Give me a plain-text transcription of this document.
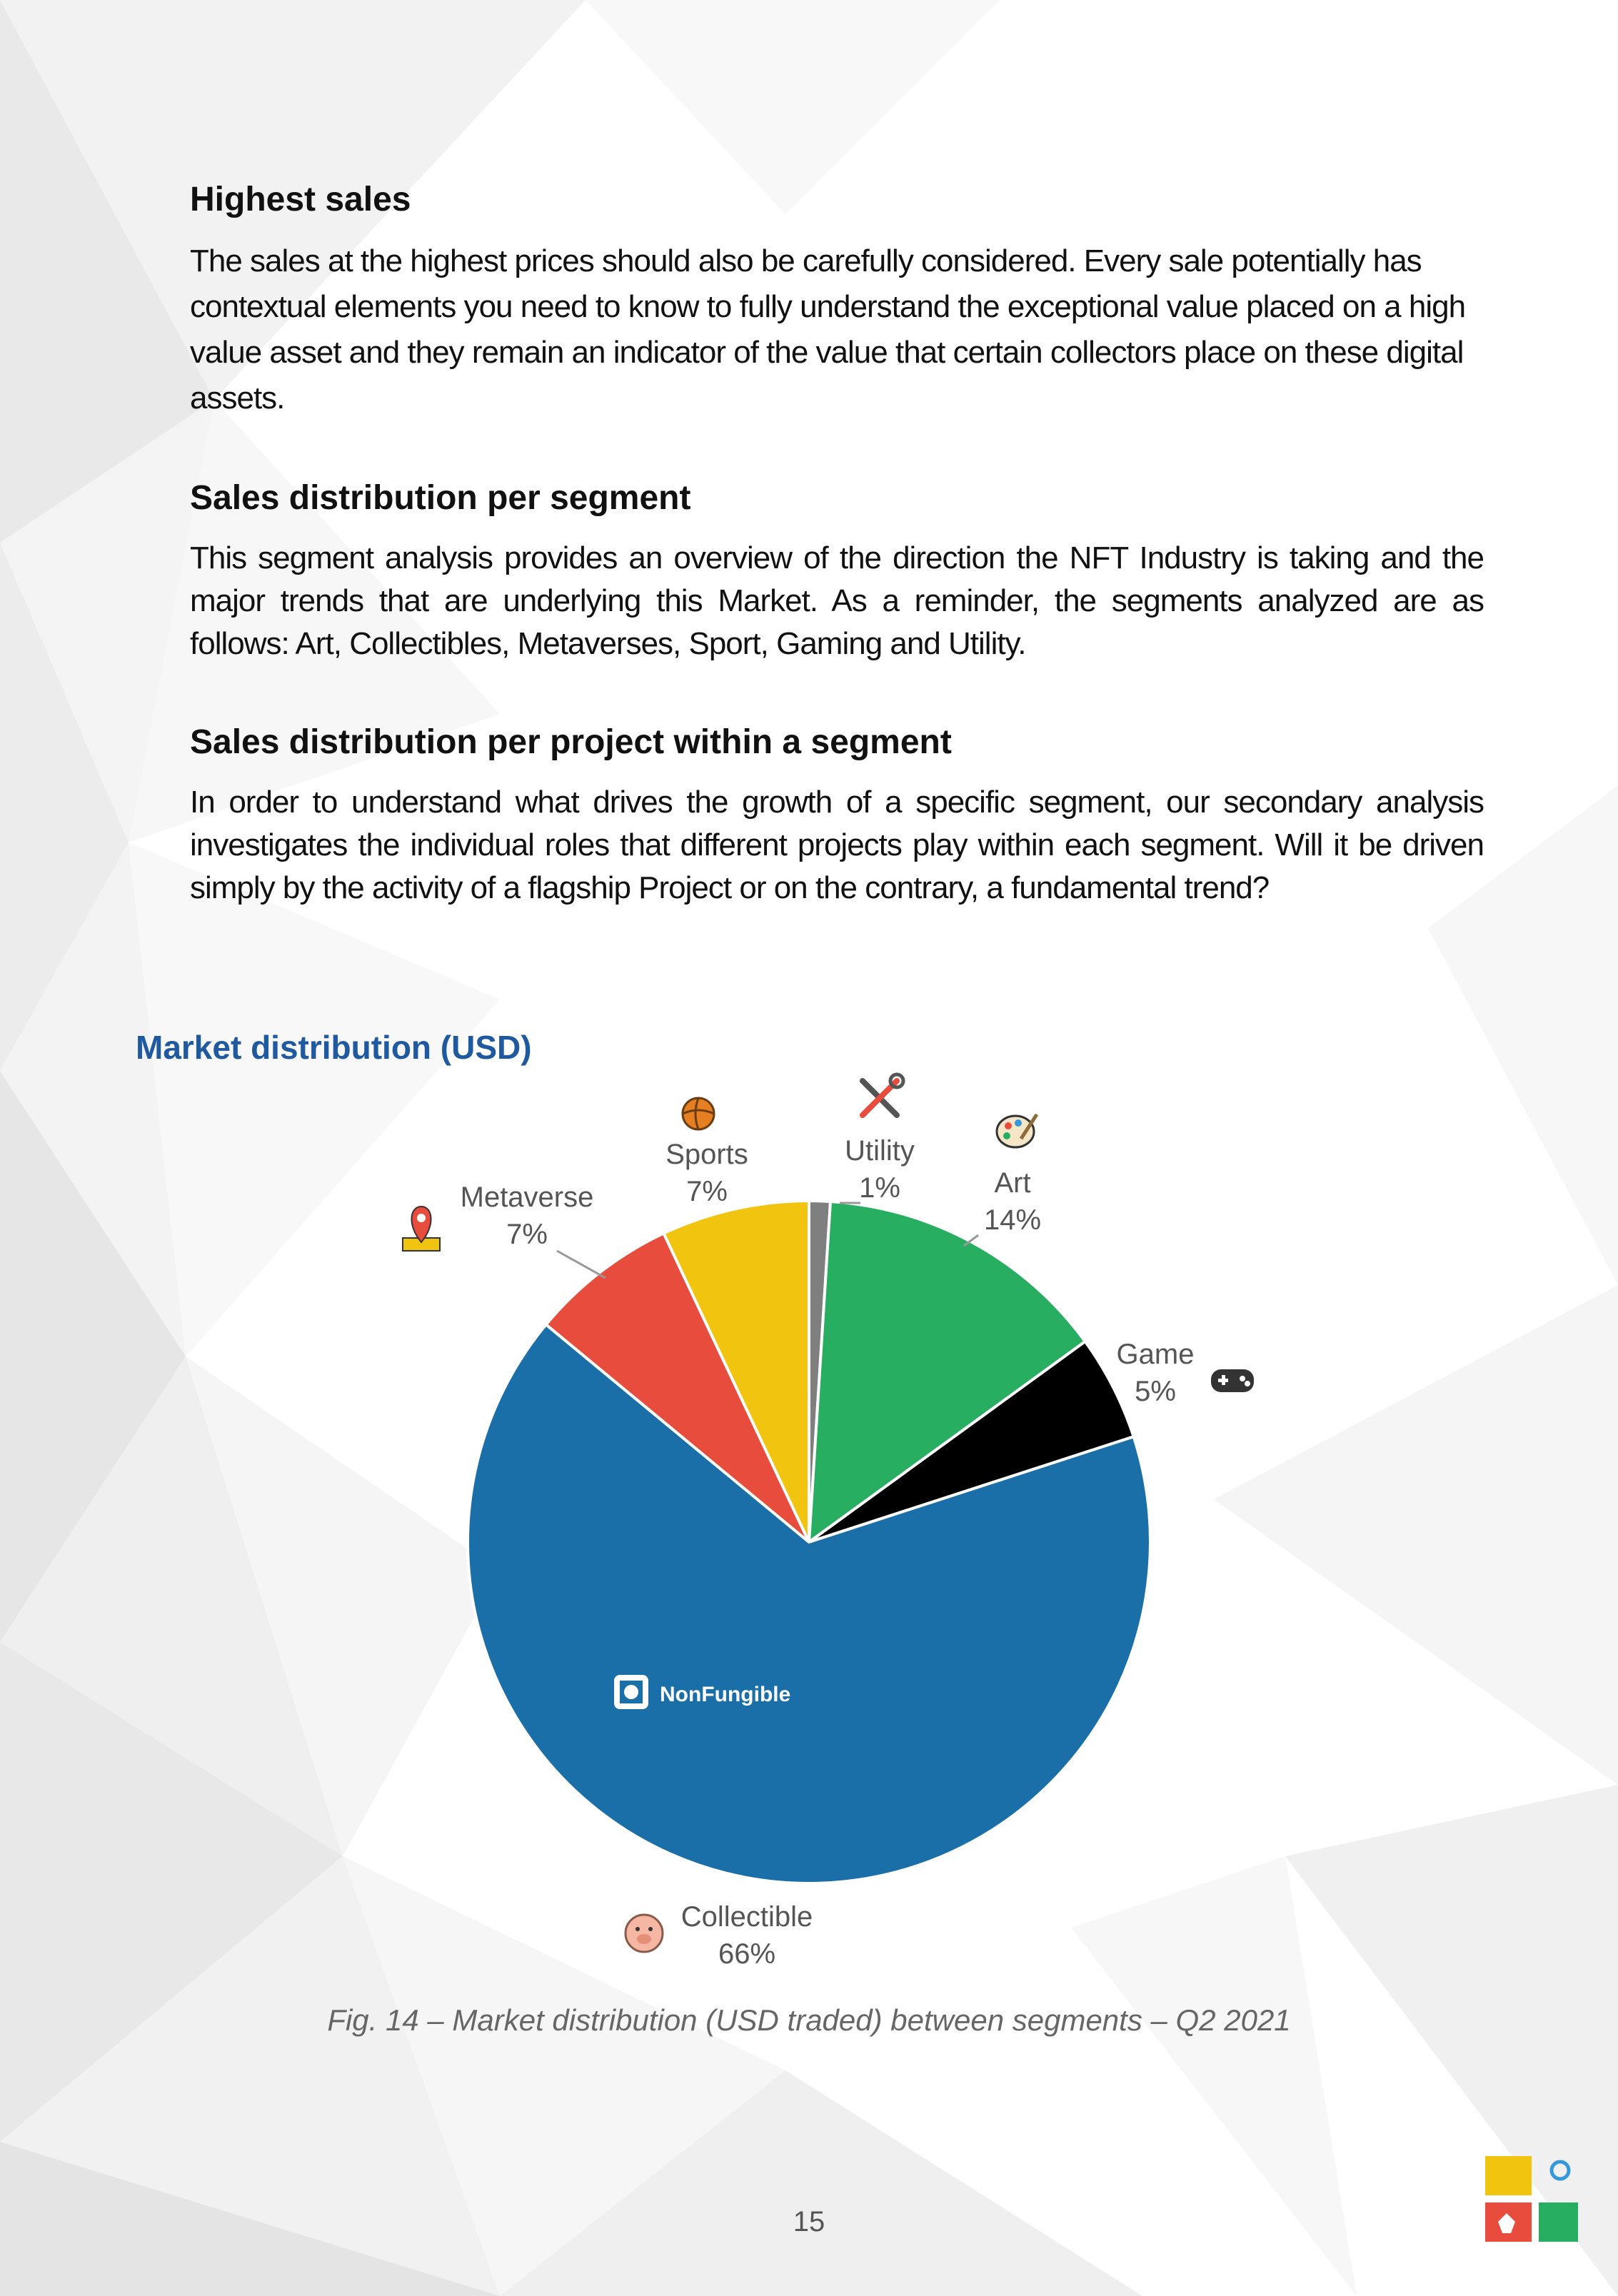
Highest sales

The sales at the highest prices should also be carefully considered. Every sale potentially has contextual elements you need to know to fully understand the exceptional value placed on a high value asset and they remain an indicator of the value that certain collectors place on these digital assets.

Sales distribution per segment

This segment analysis provides an overview of the direction the NFT Industry is taking and the major trends that are underlying this Market. As a reminder, the segments analyzed are as follows: Art, Collectibles, Metaverses, Sport, Gaming and Utility.

Sales distribution per project within a segment

In order to understand what drives the growth of a specific segment, our secondary analysis investigates the individual roles that different projects play within each segment. Will it be driven simply by the activity of a flagship Project or on the contrary, a fundamental trend?

Market distribution (USD)
Utility
1%	Art
14%
Game
5%
Collectible
66%
Metaverse
7%
Sports
7%
NonFungible
Fig. 14 – Market distribution (USD traded) between segments – Q2 2021
15
